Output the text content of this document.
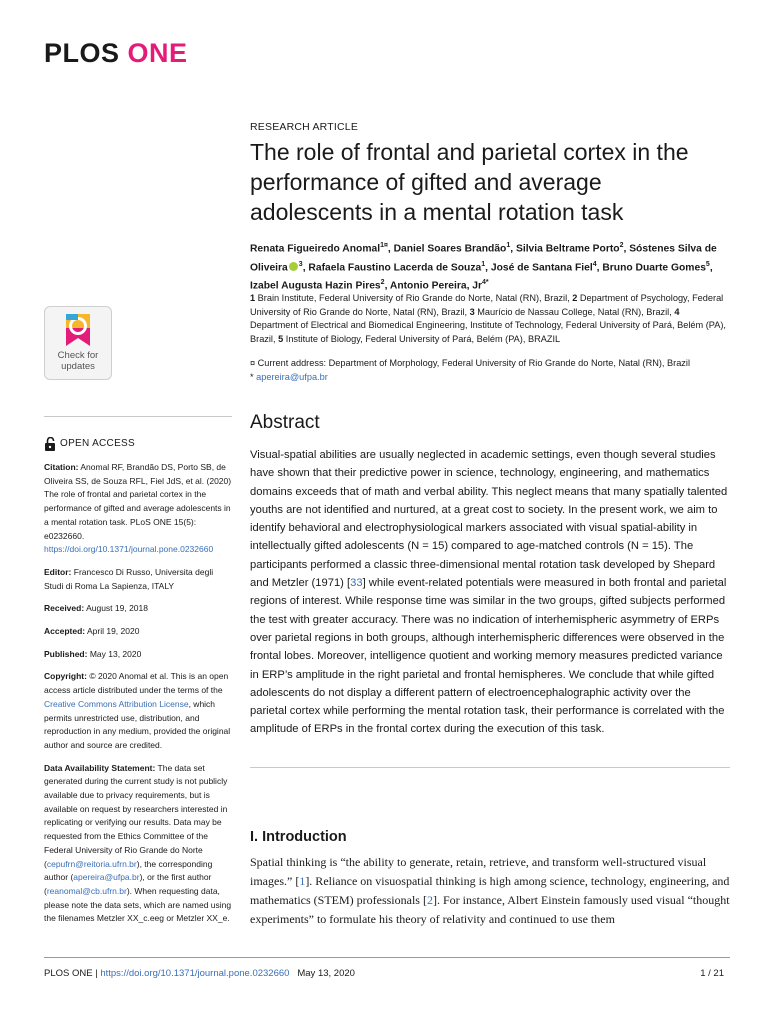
PLOS ONE
RESEARCH ARTICLE
The role of frontal and parietal cortex in the performance of gifted and average adolescents in a mental rotation task
Renata Figueiredo Anomal$^{1¤}$, Daniel Soares Brandão$^1$, Silvia Beltrame Porto$^2$, Sóstenes Silva de Oliveira $^3$, Rafaela Faustino Lacerda de Souza$^1$, José de Santana Fiel$^4$, Bruno Duarte Gomes$^5$, Izabel Augusta Hazin Pires$^2$, Antonio Pereira, $Jr^{4*}$
1 Brain Institute, Federal University of Rio Grande do Norte, Natal (RN), Brazil, 2 Department of Psychology, Federal University of Rio Grande do Norte, Natal (RN), Brazil, 3 Maurício de Nassau College, Natal (RN), Brazil, 4 Department of Electrical and Biomedical Engineering, Institute of Technology, Federal University of Pará, Belém (PA), Brazil, 5 Institute of Biology, Federal University of Pará, Belém (PA), BRAZIL
¤ Current address: Department of Morphology, Federal University of Rio Grande do Norte, Natal (RN), Brazil
* apereira@ufpa.br
Check for
updates
OPEN ACCESS
Citation: Anomal RF, Brandão DS, Porto SB, de Oliveira SS, de Souza RFL, Fiel JdS, et al. (2020) The role of frontal and parietal cortex in the performance of gifted and average adolescents in a mental rotation task. PLoS ONE 15(5): e0232660. https://doi.org/10.1371/journal.pone.0232660
Editor: Francesco Di Russo, Universita degli Studi di Roma La Sapienza, ITALY
Received: August 19, 2018
Accepted: April 19, 2020
Published: May 13, 2020
Copyright: © 2020 Anomal et al. This is an open access article distributed under the terms of the Creative Commons Attribution License, which permits unrestricted use, distribution, and reproduction in any medium, provided the original author and source are credited.
Data Availability Statement: The data set generated during the current study is not publicly available due to privacy requirements, but is available on request by researchers interested in replicating or verifying our results. Data may be requested from the Ethics Committee of the Federal University of Rio Grande do Norte (cepufrn@reitoria.ufrn.br), the corresponding author (apereira@ufpa.br), or the first author (reanomal@cb.ufrn.br). When requesting data, please note the data sets, which are named using the filenames Metzler XX_c.eeg or Metzler XX_e.
Abstract
Visual-spatial abilities are usually neglected in academic settings, even though several studies have shown that their predictive power in science, technology, engineering, and mathematics domains exceeds that of math and verbal ability. This neglect means that many spatially talented youths are not identified and nurtured, at a great cost to society. In the present work, we aim to identify behavioral and electrophysiological markers associated with visual spatial-ability in intellectually gifted adolescents (N = 15) compared to age-matched controls (N = 15). The participants performed a classic three-dimensional mental rotation task developed by Shepard and Metzler (1971) [33] while event-related potentials were measured in both frontal and parietal regions of interest. While response time was similar in the two groups, gifted subjects performed the test with greater accuracy. There was no indication of interhemispheric asymmetry of ERPs over parietal regions in both groups, although interhemispheric differences were observed in the frontal lobes. Moreover, intelligence quotient and working memory measures predicted variance in ERP’s amplitude in the right parietal and frontal hemispheres. We conclude that while gifted adolescents do not display a different pattern of electroencephalographic activity over the parietal cortex while performing the mental rotation task, their performance is correlated with the amplitude of ERPs in the frontal cortex during the execution of this task.
I. Introduction
Spatial thinking is “the ability to generate, retain, retrieve, and transform well-structured visual images.” [1]. Reliance on visuospatial thinking is high among science, technology, engineering, and mathematics (STEM) professionals [2]. For instance, Albert Einstein famously used visual “thought experiments” to formulate his theory of relativity and continued to use them
PLOS ONE | https://doi.org/10.1371/journal.pone.0232660   May 13, 2020	1 / 21
